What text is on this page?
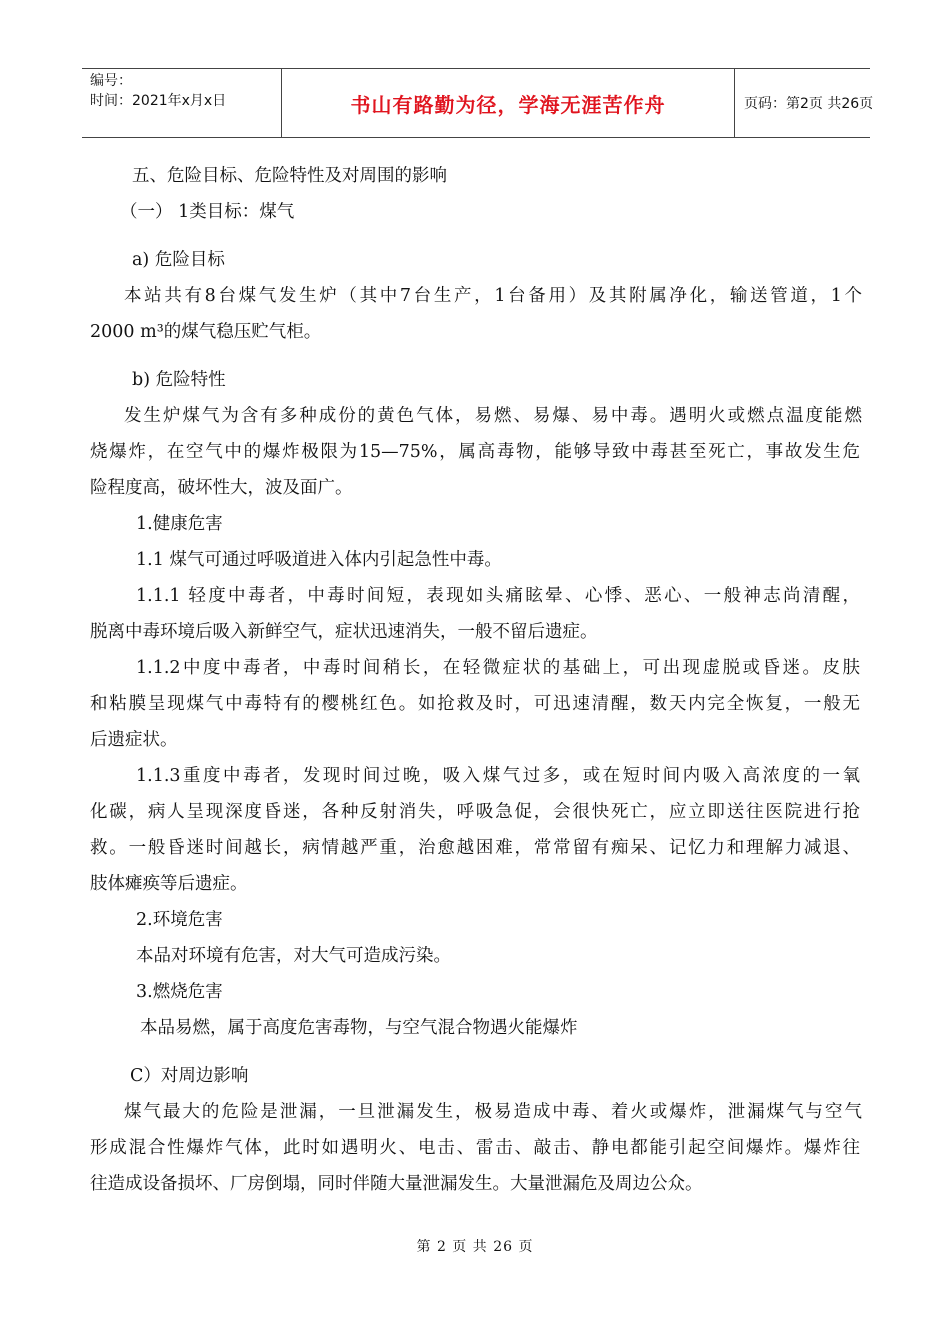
编号：
时间：2021年x月x日	书山有路勤为径，学海无涯苦作舟	页码：第2页 共26页
五、危险目标、危险特性及对周围的影响
（一） 1类目标：煤气
a) 危险目标
本站共有8台煤气发生炉（其中7台生产，1台备用）及其附属净化，输送管道，1个
2000 m³的煤气稳压贮气柜。
b) 危险特性
发生炉煤气为含有多种成份的黄色气体，易燃、易爆、易中毒。遇明火或燃点温度能燃
烧爆炸，在空气中的爆炸极限为15—75%，属高毒物，能够导致中毒甚至死亡，事故发生危
险程度高，破坏性大，波及面广。
1.健康危害
1.1 煤气可通过呼吸道进入体内引起急性中毒。
1.1.1 轻度中毒者，中毒时间短，表现如头痛眩晕、心悸、恶心、一般神志尚清醒，
脱离中毒环境后吸入新鲜空气，症状迅速消失，一般不留后遗症。
1.1.2中度中毒者，中毒时间稍长，在轻微症状的基础上，可出现虚脱或昏迷。皮肤
和粘膜呈现煤气中毒特有的樱桃红色。如抢救及时，可迅速清醒，数天内完全恢复，一般无
后遗症状。
1.1.3重度中毒者，发现时间过晚，吸入煤气过多，或在短时间内吸入高浓度的一氧
化碳，病人呈现深度昏迷，各种反射消失，呼吸急促，会很快死亡，应立即送往医院进行抢
救。一般昏迷时间越长，病情越严重，治愈越困难，常常留有痴呆、记忆力和理解力减退、
肢体瘫痪等后遗症。
2.环境危害
本品对环境有危害，对大气可造成污染。
3.燃烧危害
本品易燃，属于高度危害毒物，与空气混合物遇火能爆炸
C）对周边影响
煤气最大的危险是泄漏，一旦泄漏发生，极易造成中毒、着火或爆炸，泄漏煤气与空气
形成混合性爆炸气体，此时如遇明火、电击、雷击、敲击、静电都能引起空间爆炸。爆炸往
往造成设备损坏、厂房倒塌，同时伴随大量泄漏发生。大量泄漏危及周边公众。
第 2 页 共 26 页
